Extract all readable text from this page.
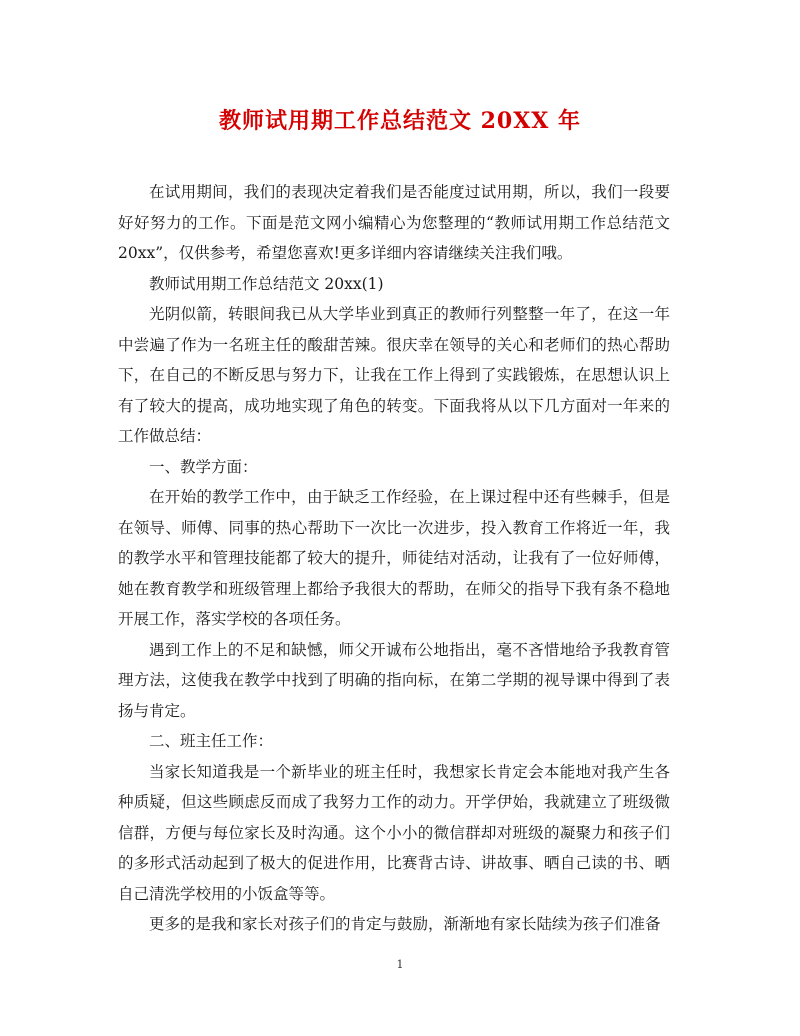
教师试用期工作总结范文 20XX 年

在试用期间，我们的表现决定着我们是否能度过试用期，所以，我们一段要好好努力的工作。下面是范文网小编精心为您整理的“教师试用期工作总结范文 20xx”，仅供参考，希望您喜欢!更多详细内容请继续关注我们哦。

教师试用期工作总结范文 20xx(1)

光阴似箭，转眼间我已从大学毕业到真正的教师行列整整一年了，在这一年中尝遍了作为一名班主任的酸甜苦辣。很庆幸在领导的关心和老师们的热心帮助下，在自己的不断反思与努力下，让我在工作上得到了实践锻炼，在思想认识上有了较大的提高，成功地实现了角色的转变。下面我将从以下几方面对一年来的工作做总结：

一、教学方面：

在开始的教学工作中，由于缺乏工作经验，在上课过程中还有些棘手，但是在领导、师傅、同事的热心帮助下一次比一次进步，投入教育工作将近一年，我的教学水平和管理技能都了较大的提升，师徒结对活动，让我有了一位好师傅，她在教育教学和班级管理上都给予我很大的帮助，在师父的指导下我有条不稳地开展工作，落实学校的各项任务。

遇到工作上的不足和缺憾，师父开诚布公地指出，毫不吝惜地给予我教育管理方法，这使我在教学中找到了明确的指向标，在第二学期的视导课中得到了表扬与肯定。

二、班主任工作：

当家长知道我是一个新毕业的班主任时，我想家长肯定会本能地对我产生各种质疑，但这些顾虑反而成了我努力工作的动力。开学伊始，我就建立了班级微信群，方便与每位家长及时沟通。这个小小的微信群却对班级的凝聚力和孩子们的多形式活动起到了极大的促进作用，比赛背古诗、讲故事、晒自己读的书、晒自己清洗学校用的小饭盒等等。

更多的是我和家长对孩子们的肯定与鼓励，渐渐地有家长陆续为孩子们准备

1
